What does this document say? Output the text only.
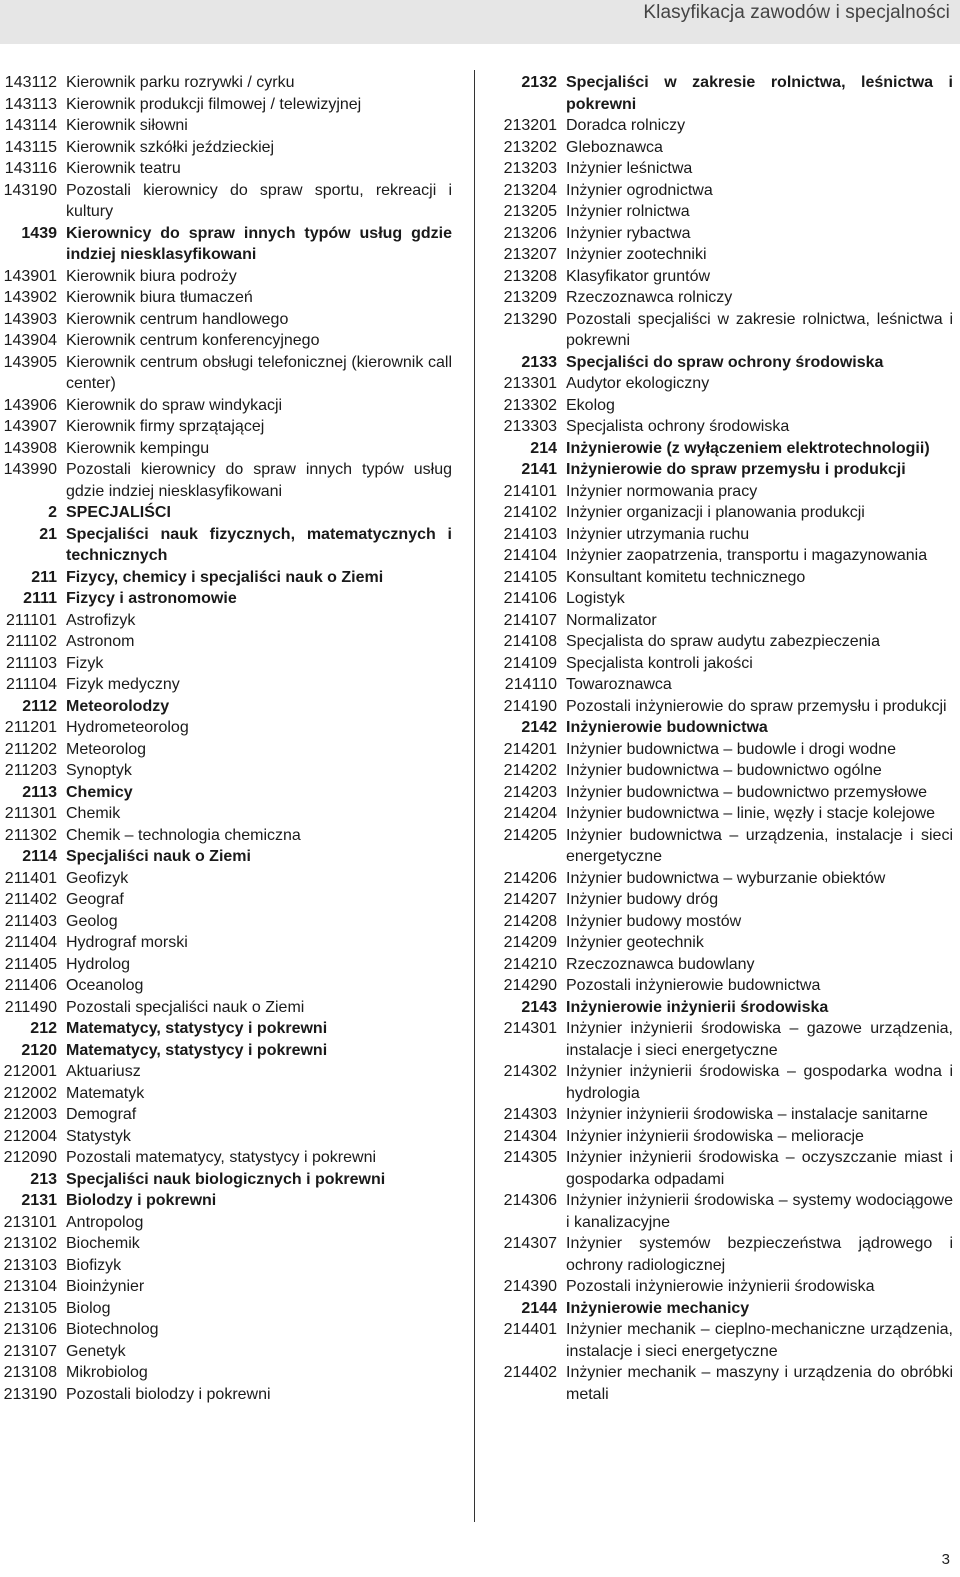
Klasyfikacja zawodów i specjalności
143112 Kierownik parku rozrywki / cyrku
143113 Kierownik produkcji filmowej / telewizyjnej
143114 Kierownik siłowni
143115 Kierownik szkółki jeździeckiej
143116 Kierownik teatru
143190 Pozostali kierownicy do spraw sportu, rekreacji i kultury
1439 Kierownicy do spraw innych typów usług gdzie indziej niesklasyfikowani
143901 Kierownik biura podroży
143902 Kierownik biura tłumaczeń
143903 Kierownik centrum handlowego
143904 Kierownik centrum konferencyjnego
143905 Kierownik centrum obsługi telefonicznej (kierownik call center)
143906 Kierownik do spraw windykacji
143907 Kierownik firmy sprzątającej
143908 Kierownik kempingu
143990 Pozostali kierownicy do spraw innych typów usług gdzie indziej niesklasyfikowani
2 SPECJALIŚCI
21 Specjaliści nauk fizycznych, matematycznych i technicznych
211 Fizycy, chemicy i specjaliści nauk o Ziemi
2111 Fizycy i astronomowie
211101 Astrofizyk
211102 Astronom
211103 Fizyk
211104 Fizyk medyczny
2112 Meteorolodzy
211201 Hydrometeorolog
211202 Meteorolog
211203 Synoptyk
2113 Chemicy
211301 Chemik
211302 Chemik – technologia chemiczna
2114 Specjaliści nauk o Ziemi
211401 Geofizyk
211402 Geograf
211403 Geolog
211404 Hydrograf morski
211405 Hydrolog
211406 Oceanolog
211490 Pozostali specjaliści nauk o Ziemi
212 Matematycy, statystycy i pokrewni
2120 Matematycy, statystycy i pokrewni
212001 Aktuariusz
212002 Matematyk
212003 Demograf
212004 Statystyk
212090 Pozostali matematycy, statystycy i pokrewni
213 Specjaliści nauk biologicznych i pokrewni
2131 Biolodzy i pokrewni
213101 Antropolog
213102 Biochemik
213103 Biofizyk
213104 Bioinżynier
213105 Biolog
213106 Biotechnolog
213107 Genetyk
213108 Mikrobiolog
213190 Pozostali biolodzy i pokrewni
2132 Specjaliści w zakresie rolnictwa, leśnictwa i pokrewni
213201 Doradca rolniczy
213202 Gleboznawca
213203 Inżynier leśnictwa
213204 Inżynier ogrodnictwa
213205 Inżynier rolnictwa
213206 Inżynier rybactwa
213207 Inżynier zootechniki
213208 Klasyfikator gruntów
213209 Rzeczoznawca rolniczy
213290 Pozostali specjaliści w zakresie rolnictwa, leśnictwa i pokrewni
2133 Specjaliści do spraw ochrony środowiska
213301 Audytor ekologiczny
213302 Ekolog
213303 Specjalista ochrony środowiska
214 Inżynierowie (z wyłączeniem elektrotechnologii)
2141 Inżynierowie do spraw przemysłu i produkcji
214101 Inżynier normowania pracy
214102 Inżynier organizacji i planowania produkcji
214103 Inżynier utrzymania ruchu
214104 Inżynier zaopatrzenia, transportu i magazynowania
214105 Konsultant komitetu technicznego
214106 Logistyk
214107 Normalizator
214108 Specjalista do spraw audytu zabezpieczenia
214109 Specjalista kontroli jakości
214110 Towaroznawca
214190 Pozostali inżynierowie do spraw przemysłu i produkcji
2142 Inżynierowie budownictwa
214201 Inżynier budownictwa – budowle i drogi wodne
214202 Inżynier budownictwa – budownictwo ogólne
214203 Inżynier budownictwa – budownictwo przemysłowe
214204 Inżynier budownictwa – linie, węzły i stacje kolejowe
214205 Inżynier budownictwa – urządzenia, instalacje i sieci energetyczne
214206 Inżynier budownictwa – wyburzanie obiektów
214207 Inżynier budowy dróg
214208 Inżynier budowy mostów
214209 Inżynier geotechnik
214210 Rzeczoznawca budowlany
214290 Pozostali inżynierowie budownictwa
2143 Inżynierowie inżynierii środowiska
214301 Inżynier inżynierii środowiska – gazowe urządzenia, instalacje i sieci energetyczne
214302 Inżynier inżynierii środowiska – gospodarka wodna i hydrologia
214303 Inżynier inżynierii środowiska – instalacje sanitarne
214304 Inżynier inżynierii środowiska – melioracje
214305 Inżynier inżynierii środowiska – oczyszczanie miast i gospodarka odpadami
214306 Inżynier inżynierii środowiska – systemy wodociągowe i kanalizacyjne
214307 Inżynier systemów bezpieczeństwa jądrowego i ochrony radiologicznej
214390 Pozostali inżynierowie inżynierii środowiska
2144 Inżynierowie mechanicy
214401 Inżynier mechanik – cieplno-mechaniczne urządzenia, instalacje i sieci energetyczne
214402 Inżynier mechanik – maszyny i urządzenia do obróbki metali
3
